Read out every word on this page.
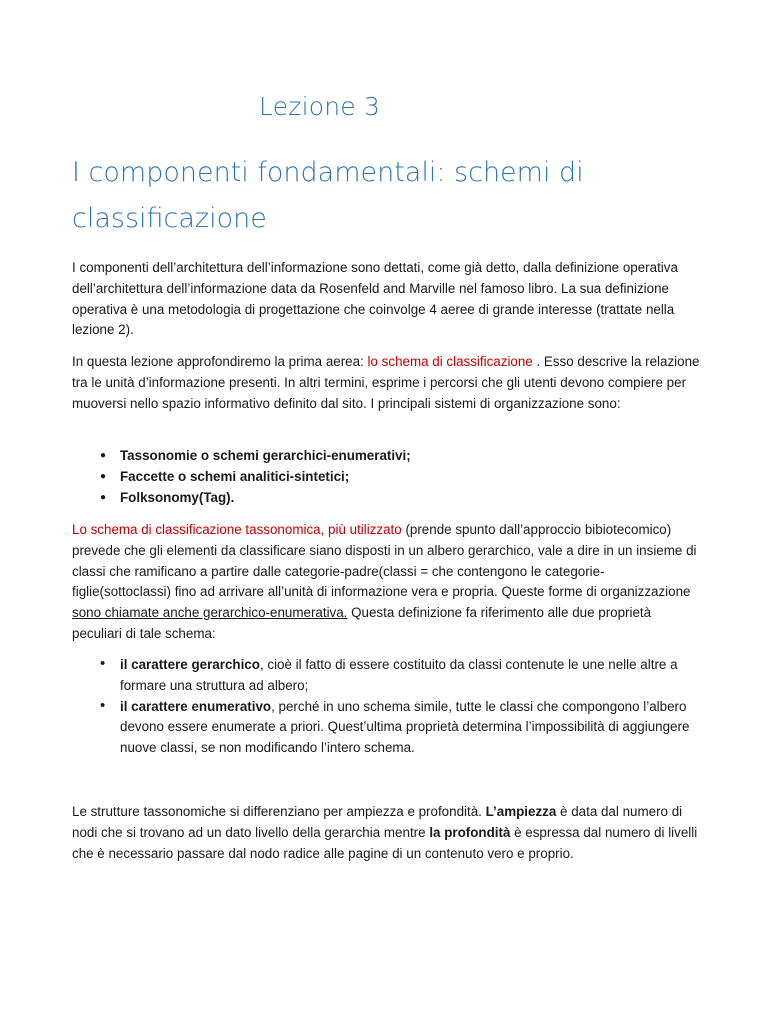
Lezione 3
I componenti fondamentali: schemi di classificazione
I componenti dell’architettura dell’informazione sono dettati, come già detto, dalla definizione operativa dell’architettura dell’informazione data da Rosenfeld and Marville nel famoso libro. La sua definizione operativa è una metodologia di progettazione che coinvolge 4 aeree di grande interesse (trattate nella lezione 2).
In questa lezione approfondiremo la prima aerea: lo schema di classificazione . Esso descrive la relazione tra le unità d’informazione presenti. In altri termini, esprime i percorsi che gli utenti devono compiere per muoversi nello spazio informativo definito dal sito. I principali sistemi di organizzazione sono:
● Tassonomie o schemi gerarchici-enumerativi;
● Faccette o schemi analitici-sintetici;
● Folksonomy(Tag).
Lo schema di classificazione tassonomica, più utilizzato (prende spunto dall’approccio bibiotecomico) prevede che gli elementi da classificare siano disposti in un albero gerarchico, vale a dire in un insieme di classi che ramificano a partire dalle categorie-padre(classi = che contengono le categorie-figlie(sottoclassi) fino ad arrivare all’unità di informazione vera e propria. Queste forme di organizzazione sono chiamate anche gerarchico-enumerativa. Questa definizione fa riferimento alle due proprietà peculiari di tale schema:
• il carattere gerarchico, cioè il fatto di essere costituito da classi contenute le une nelle altre a formare una struttura ad albero;
• il carattere enumerativo, perché in uno schema simile, tutte le classi che compongono l’albero devono essere enumerate a priori. Quest’ultima proprietà determina l’impossibilità di aggiungere nuove classi, se non modificando l’intero schema.
Le strutture tassonomiche si differenziano per ampiezza e profondità. L’ampiezza è data dal numero di nodi che si trovano ad un dato livello della gerarchia mentre la profondità è espressa dal numero di livelli che è necessario passare dal nodo radice alle pagine di un contenuto vero e proprio.
